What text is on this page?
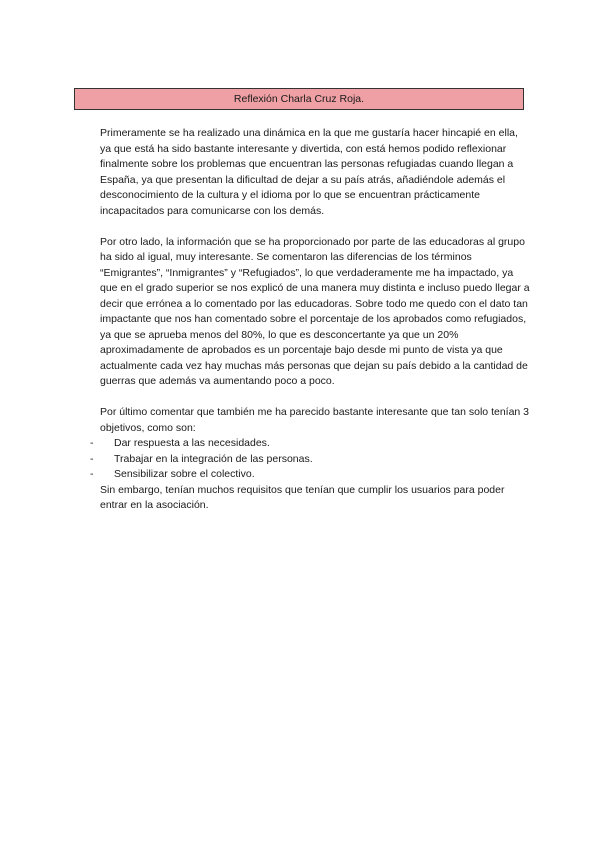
Reflexión Charla Cruz Roja.

Primeramente se ha realizado una dinámica en la que me gustaría hacer hincapié en ella, ya que está ha sido bastante interesante y divertida, con está hemos podido reflexionar finalmente sobre los problemas que encuentran las personas refugiadas cuando llegan a España, ya que presentan la dificultad de dejar a su país atrás, añadiéndole además el desconocimiento de la cultura y el idioma por lo que se encuentran prácticamente incapacitados para comunicarse con los demás.

Por otro lado, la información que se ha proporcionado por parte de las educadoras al grupo ha sido al igual, muy interesante. Se comentaron las diferencias de los términos “Emigrantes”, “Inmigrantes” y “Refugiados”, lo que verdaderamente me ha impactado, ya que en el grado superior se nos explicó de una manera muy distinta e incluso puedo llegar a decir que errónea a lo comentado por las educadoras. Sobre todo me quedo con el dato tan impactante que nos han comentado sobre el porcentaje de los aprobados como refugiados, ya que se aprueba menos del 80%, lo que es desconcertante ya que un 20% aproximadamente de aprobados es un porcentaje bajo desde mi punto de vista ya que actualmente cada vez hay muchas más personas que dejan su país debido a la cantidad de guerras que además va aumentando poco a poco.

Por último comentar que también me ha parecido bastante interesante que tan solo tenían 3 objetivos, como son:

- Dar respuesta a las necesidades.
- Trabajar en la integración de las personas.
- Sensibilizar sobre el colectivo.

Sin embargo, tenían muchos requisitos que tenían que cumplir los usuarios para poder entrar en la asociación.
